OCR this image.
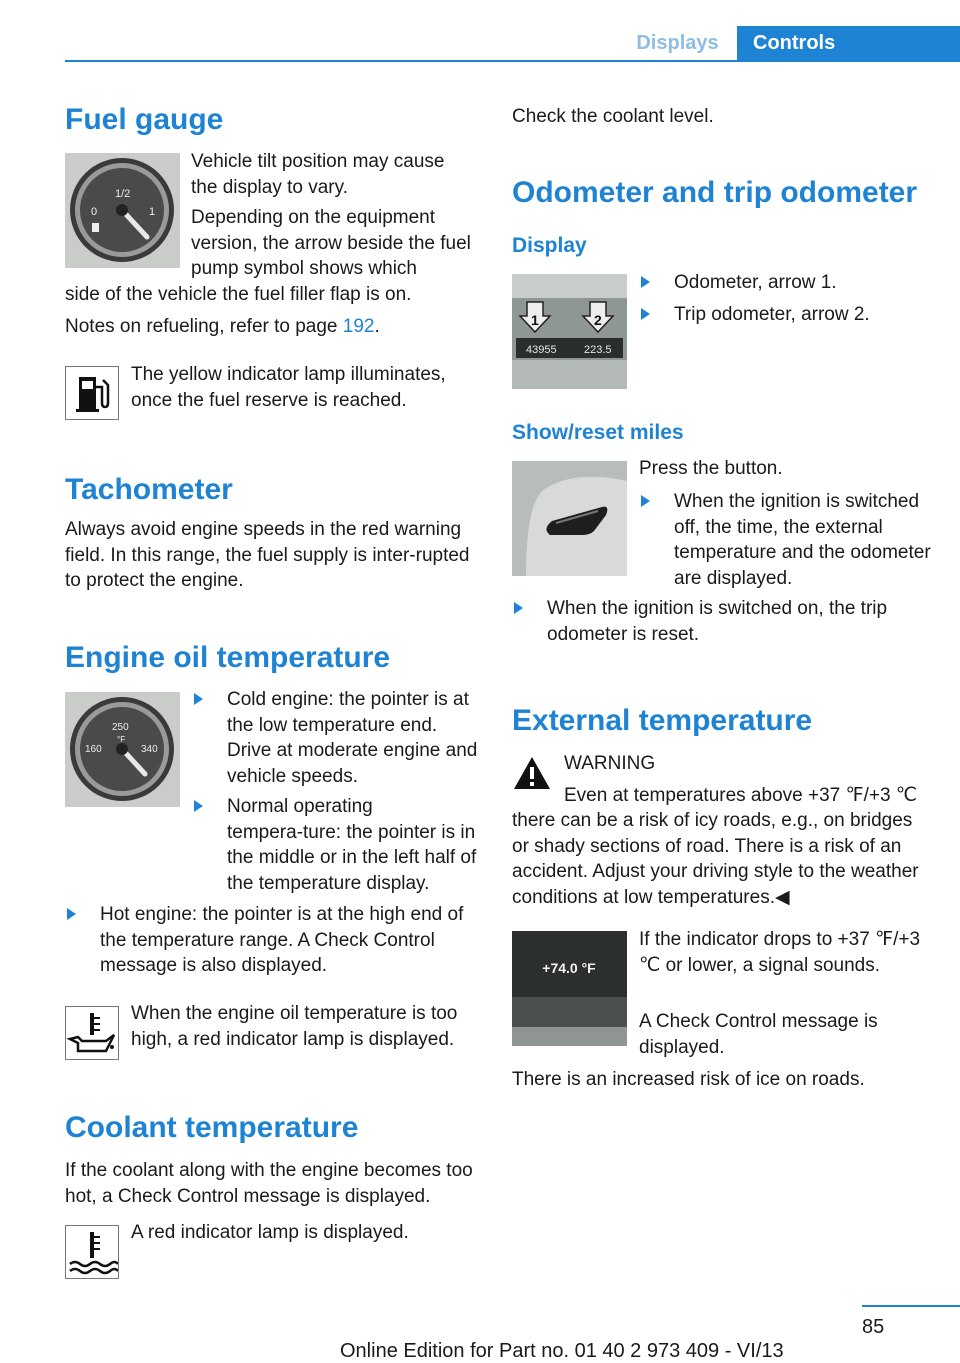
Displays	Controls
Fuel gauge
1/2
0	1

Vehicle tilt position may cause the display to vary.

Depending on the equipment version, the arrow beside the fuel pump symbol shows which

side of the vehicle the fuel filler flap is on.

Notes on refueling, refer to page 192.

The yellow indicator lamp illuminates, once the fuel reserve is reached.

Tachometer

Always avoid engine speeds in the red warning field. In this range, the fuel supply is inter‑rupted to protect the engine.

Engine oil temperature
250
°F
160	340
Cold engine: the pointer is at the low temperature end. Drive at moderate engine and vehicle speeds.
Normal operating tempera‑ture: the pointer is in the middle or in the left half of the temperature display.
Hot engine: the pointer is at the high end of the temperature range. A Check Control message is also displayed.

When the engine oil temperature is too high, a red indicator lamp is displayed.

Coolant temperature

If the coolant along with the engine becomes too hot, a Check Control message is displayed.

A red indicator lamp is displayed.

Check the coolant level.

Odometer and trip odometer
Display
1	2
43955 223.5
Odometer, arrow 1.
Trip odometer, arrow 2.
Show/reset miles

Press the button.

When the ignition is switched off, the time, the external temperature and the odometer are displayed.
When the ignition is switched on, the trip odometer is reset.
External temperature

WARNING

Even at temperatures above +37 ℉/+3 ℃

there can be a risk of icy roads, e.g., on bridges or shady sections of road. There is a risk of an accident. Adjust your driving style to the weather conditions at low temperatures.◀

+74.0 °F

If the indicator drops to +37 ℉/+3 ℃ or lower, a signal sounds.

A Check Control message is displayed.

There is an increased risk of ice on roads.

85
Online Edition for Part no. 01 40 2 973 409 - VI/13
